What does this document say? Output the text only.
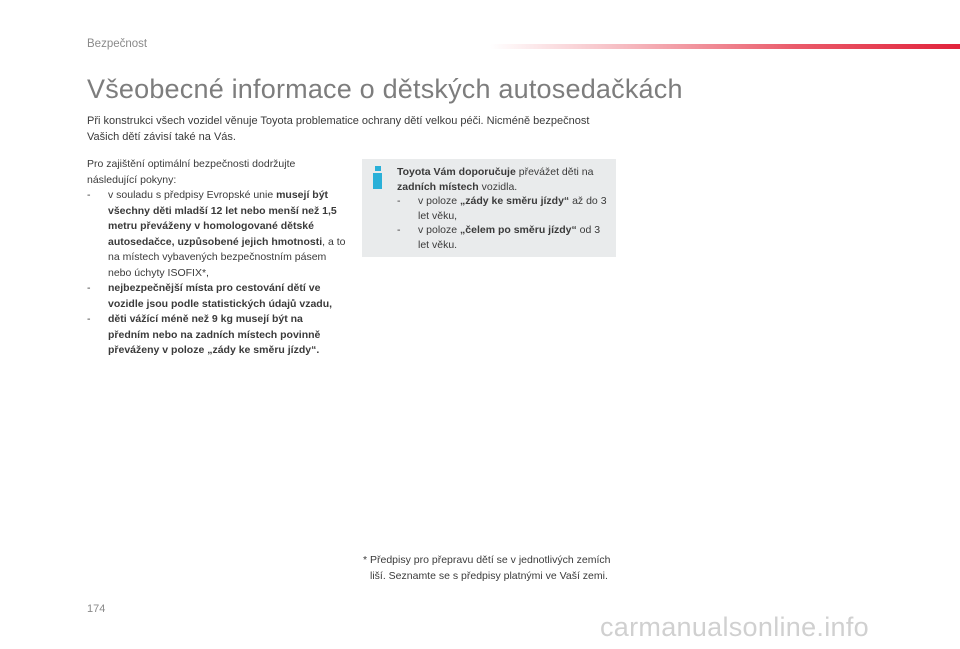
Bezpečnost
Všeobecné informace o dětských autosedačkách
Při konstrukci všech vozidel věnuje Toyota problematice ochrany dětí velkou péči. Nicméně bezpečnost Vašich dětí závisí také na Vás.

Pro zajištění optimální bezpečnosti dodržujte následující pokyny:

-	v souladu s předpisy Evropské unie musejí být všechny děti mladší 12 let nebo menší než 1,5 metru převáženy v homologované dětské autosedačce, uzpůsobené jejich hmotnosti, a to na místech vybavených bezpečnostním pásem nebo úchyty ISOFIX*,
-	nejbezpečnější místa pro cestování dětí ve vozidle jsou podle statistických údajů vzadu,
-	děti vážící méně než 9 kg musejí být na předním nebo na zadních místech povinně převáženy v poloze „zády ke směru jízdy“.

Toyota Vám doporučuje převážet děti na zadních místech vozidla.

-	v poloze „zády ke směru jízdy“ až do 3 let věku,
-	v poloze „čelem po směru jízdy“ od 3 let věku.
* Předpisy pro přepravu dětí se v jednotlivých zemích liší. Seznamte se s předpisy platnými ve Vaší zemi.
174
carmanualsonline.info
